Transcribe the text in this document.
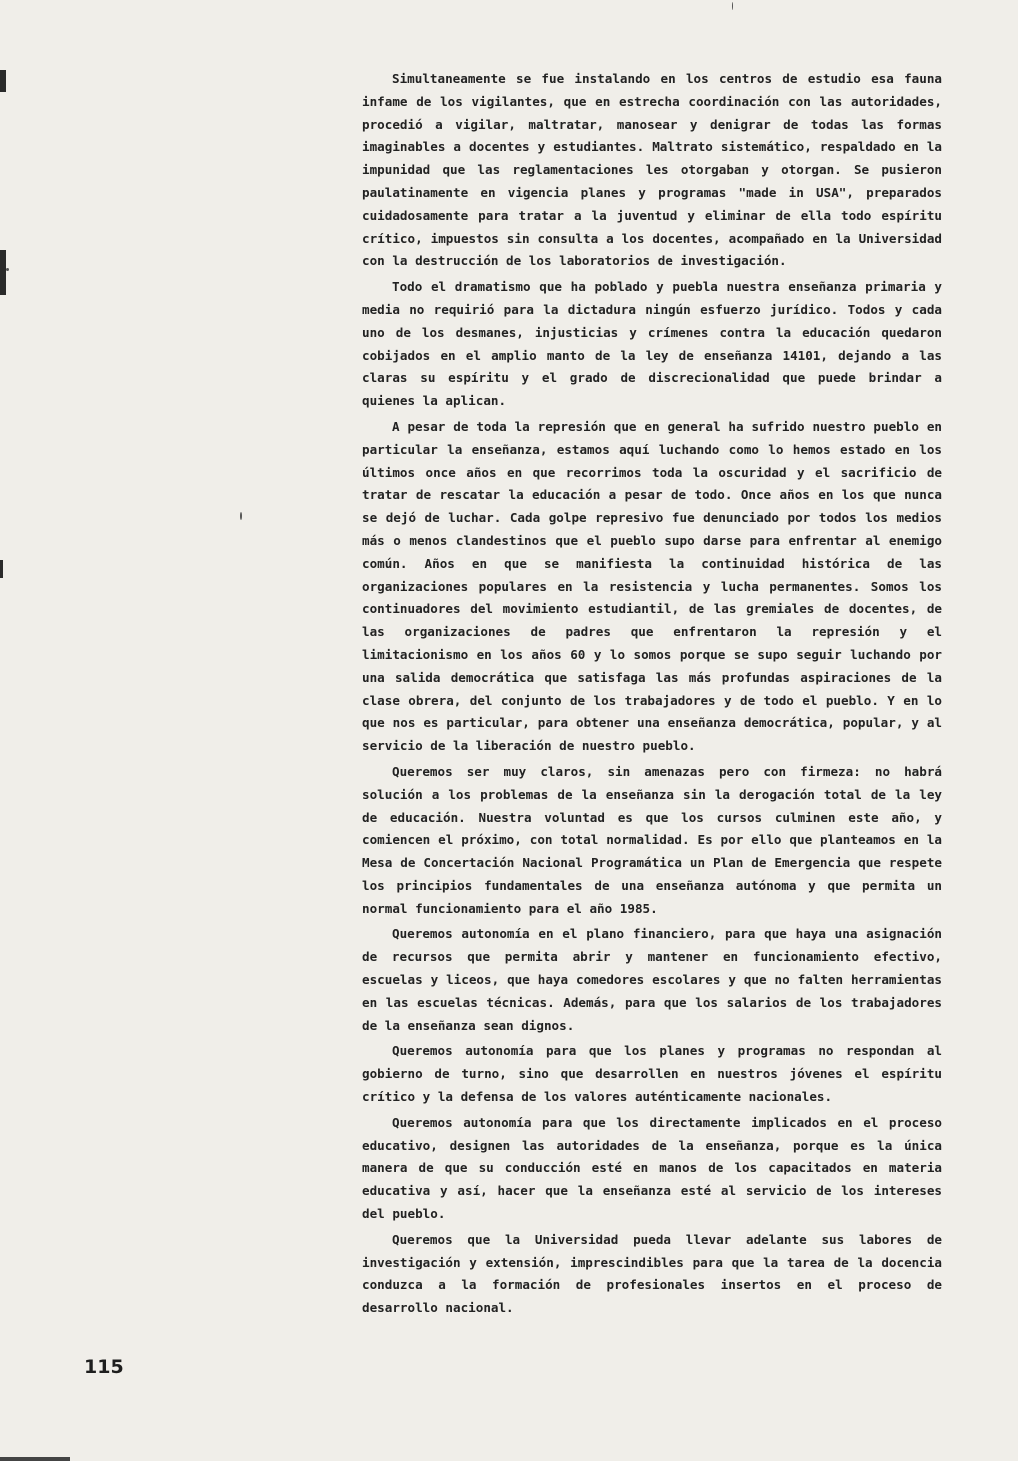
Simultaneamente se fue instalando en los centros de estudio esa fauna infame de los vigilantes, que en estrecha coordinación con las autoridades, procedió a vigilar, maltratar, manosear y denigrar de todas las formas imaginables a docentes y estudiantes. Maltrato sistemático, respaldado en la impunidad que las reglamentaciones les otorgaban y otorgan. Se pusieron paulatinamente en vigencia planes y programas "made in USA", preparados cuidadosamente para tratar a la juventud y eliminar de ella todo espíritu crítico, impuestos sin consulta a los docentes, acompañado en la Universidad con la destrucción de los laboratorios de investigación.

Todo el dramatismo que ha poblado y puebla nuestra enseñanza primaria y media no requirió para la dictadura ningún esfuerzo jurídico. Todos y cada uno de los desmanes, injusticias y crímenes contra la educación quedaron cobijados en el amplio manto de la ley de enseñanza 14101, dejando a las claras su espíritu y el grado de discrecionalidad que puede brindar a quienes la aplican.

A pesar de toda la represión que en general ha sufrido nuestro pueblo en particular la enseñanza, estamos aquí luchando como lo hemos estado en los últimos once años en que recorrimos toda la oscuridad y el sacrificio de tratar de rescatar la educación a pesar de todo. Once años en los que nunca se dejó de luchar. Cada golpe represivo fue denunciado por todos los medios más o menos clandestinos que el pueblo supo darse para enfrentar al enemigo común. Años en que se manifiesta la continuidad histórica de las organizaciones populares en la resistencia y lucha permanentes. Somos los continuadores del movimiento estudiantil, de las gremiales de docentes, de las organizaciones de padres que enfrentaron la represión y el limitacionismo en los años 60 y lo somos porque se supo seguir luchando por una salida democrática que satisfaga las más profundas aspiraciones de la clase obrera, del conjunto de los trabajadores y de todo el pueblo. Y en lo que nos es particular, para obtener una enseñanza democrática, popular, y al servicio de la liberación de nuestro pueblo.

Queremos ser muy claros, sin amenazas pero con firmeza: no habrá solución a los problemas de la enseñanza sin la derogación total de la ley de educación. Nuestra voluntad es que los cursos culminen este año, y comiencen el próximo, con total normalidad. Es por ello que planteamos en la Mesa de Concertación Nacional Programática un Plan de Emergencia que respete los principios fundamentales de una enseñanza autónoma y que permita un normal funcionamiento para el año 1985.

Queremos autonomía en el plano financiero, para que haya una asignación de recursos que permita abrir y mantener en funcionamiento efectivo, escuelas y liceos, que haya comedores escolares y que no falten herramientas en las escuelas técnicas. Además, para que los salarios de los trabajadores de la enseñanza sean dignos.

Queremos autonomía para que los planes y programas no respondan al gobierno de turno, sino que desarrollen en nuestros jóvenes el espíritu crítico y la defensa de los valores auténticamente nacionales.

Queremos autonomía para que los directamente implicados en el proceso educativo, designen las autoridades de la enseñanza, porque es la única manera de que su conducción esté en manos de los capacitados en materia educativa y así, hacer que la enseñanza esté al servicio de los intereses del pueblo.

Queremos que la Universidad pueda llevar adelante sus labores de investigación y extensión, imprescindibles para que la tarea de la docencia conduzca a la formación de profesionales insertos en el proceso de desarrollo nacional.

115
